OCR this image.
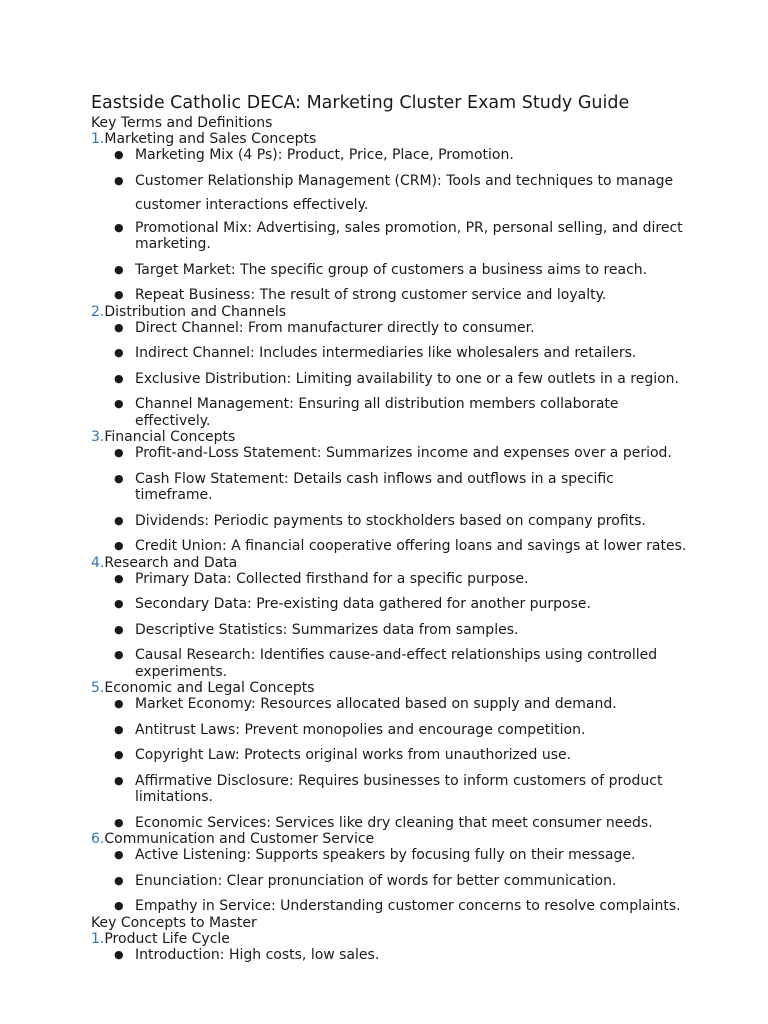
Eastside Catholic DECA: Marketing Cluster Exam Study Guide
Key Terms and Definitions
1.Marketing and Sales Concepts
● Marketing Mix (4 Ps): Product, Price, Place, Promotion.
● Customer Relationship Management (CRM): Tools and techniques to manage customer interactions effectively.
● Promotional Mix: Advertising, sales promotion, PR, personal selling, and direct marketing.
● Target Market: The specific group of customers a business aims to reach.
● Repeat Business: The result of strong customer service and loyalty.
2.Distribution and Channels
● Direct Channel: From manufacturer directly to consumer.
● Indirect Channel: Includes intermediaries like wholesalers and retailers.
● Exclusive Distribution: Limiting availability to one or a few outlets in a region.
● Channel Management: Ensuring all distribution members collaborate effectively.
3.Financial Concepts
● Profit-and-Loss Statement: Summarizes income and expenses over a period.
● Cash Flow Statement: Details cash inflows and outflows in a specific timeframe.
● Dividends: Periodic payments to stockholders based on company profits.
● Credit Union: A financial cooperative offering loans and savings at lower rates.
4.Research and Data
● Primary Data: Collected firsthand for a specific purpose.
● Secondary Data: Pre-existing data gathered for another purpose.
● Descriptive Statistics: Summarizes data from samples.
● Causal Research: Identifies cause-and-effect relationships using controlled experiments.
5.Economic and Legal Concepts
● Market Economy: Resources allocated based on supply and demand.
● Antitrust Laws: Prevent monopolies and encourage competition.
● Copyright Law: Protects original works from unauthorized use.
● Affirmative Disclosure: Requires businesses to inform customers of product limitations.
● Economic Services: Services like dry cleaning that meet consumer needs.
6.Communication and Customer Service
● Active Listening: Supports speakers by focusing fully on their message.
● Enunciation: Clear pronunciation of words for better communication.
● Empathy in Service: Understanding customer concerns to resolve complaints.
Key Concepts to Master
1.Product Life Cycle
● Introduction: High costs, low sales.
